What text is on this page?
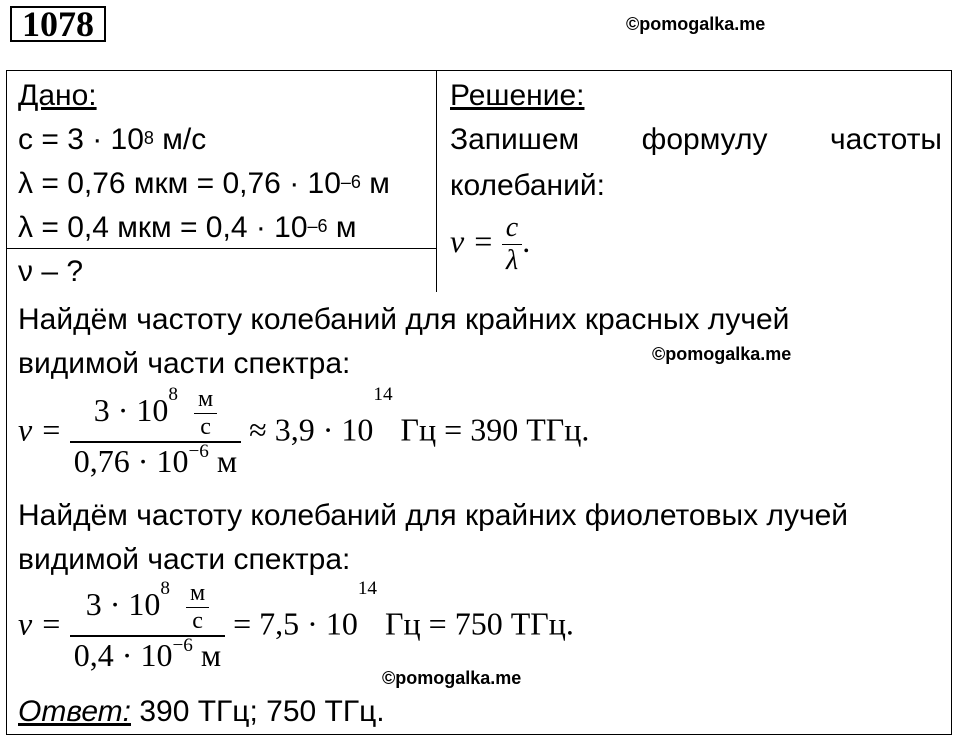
1078	©pomogalka.me
Дано:
$c = 3 \cdot 10^8$ м/с
λ = 0,76 мкм = $0,76 \cdot 10^{-6}$ м
λ = 0,4 мкм = $0,4 \cdot 10^{-6}$ м
ν – ?
Решение:
Запишем формулу частоты
колебаний:
$\nu = \frac{c}{\lambda}$ .
Найдём частоту колебаний для крайних красных лучей
видимой части спектра:	©pomogalka.me
$\nu = \frac{3 \cdot 10^8 \frac{м}{с}}{0,76 \cdot 10^{-6} м} \approx 3,9 \cdot 10^{14}$ Гц = 390 ТГц.
Найдём частоту колебаний для крайних фиолетовых лучей
видимой части спектра:
$\nu = \frac{3 \cdot 10^8 \frac{м}{с}}{0,4 \cdot 10^{-6} м} = 7,5 \cdot 10^{14}$ Гц = 750 ТГц.
©pomogalka.me
Ответ: 390 ТГц; 750 ТГц.
